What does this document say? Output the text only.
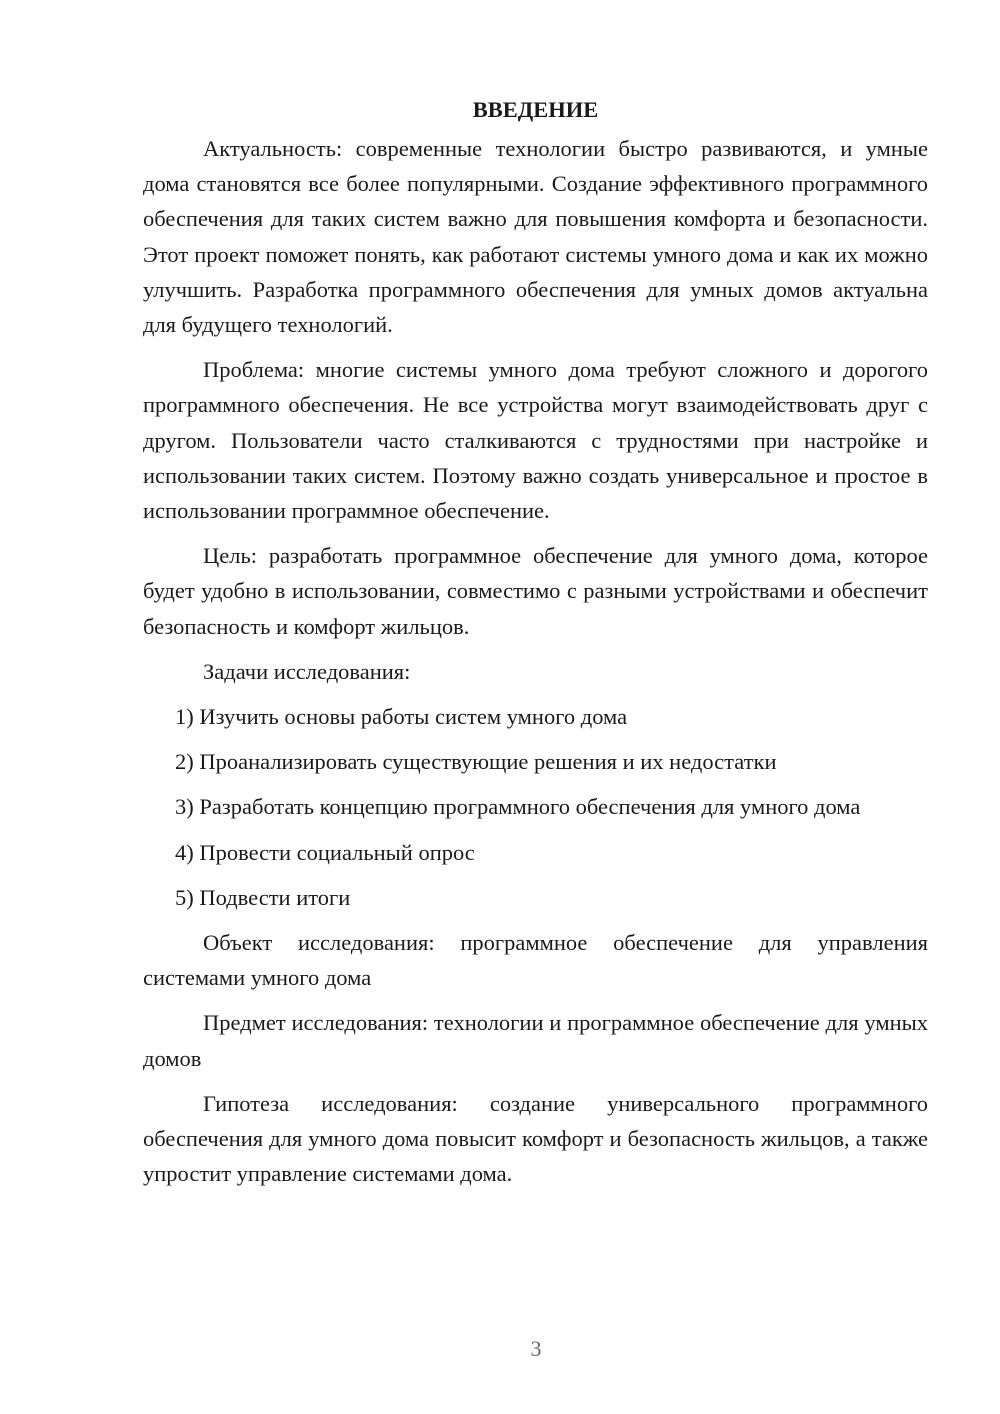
ВВЕДЕНИЕ

Актуальность: современные технологии быстро развиваются, и умные дома становятся все более популярными. Создание эффективного программного обеспечения для таких систем важно для повышения комфорта и безопасности. Этот проект поможет понять, как работают системы умного дома и как их можно улучшить. Разработка программного обеспечения для умных домов актуальна для будущего технологий.

Проблема: многие системы умного дома требуют сложного и дорогого программного обеспечения. Не все устройства могут взаимодействовать друг с другом. Пользователи часто сталкиваются с трудностями при настройке и использовании таких систем. Поэтому важно создать универсальное и простое в использовании программное обеспечение.

Цель: разработать программное обеспечение для умного дома, которое будет удобно в использовании, совместимо с разными устройствами и обеспечит безопасность и комфорт жильцов.

Задачи исследования:

1) Изучить основы работы систем умного дома

2) Проанализировать существующие решения и их недостатки

3) Разработать концепцию программного обеспечения для умного дома

4) Провести социальный опрос

5) Подвести итоги

Объект исследования: программное обеспечение для управления системами умного дома

Предмет исследования: технологии и программное обеспечение для умных домов

Гипотеза исследования: создание универсального программного обеспечения для умного дома повысит комфорт и безопасность жильцов, а также упростит управление системами дома.

3
